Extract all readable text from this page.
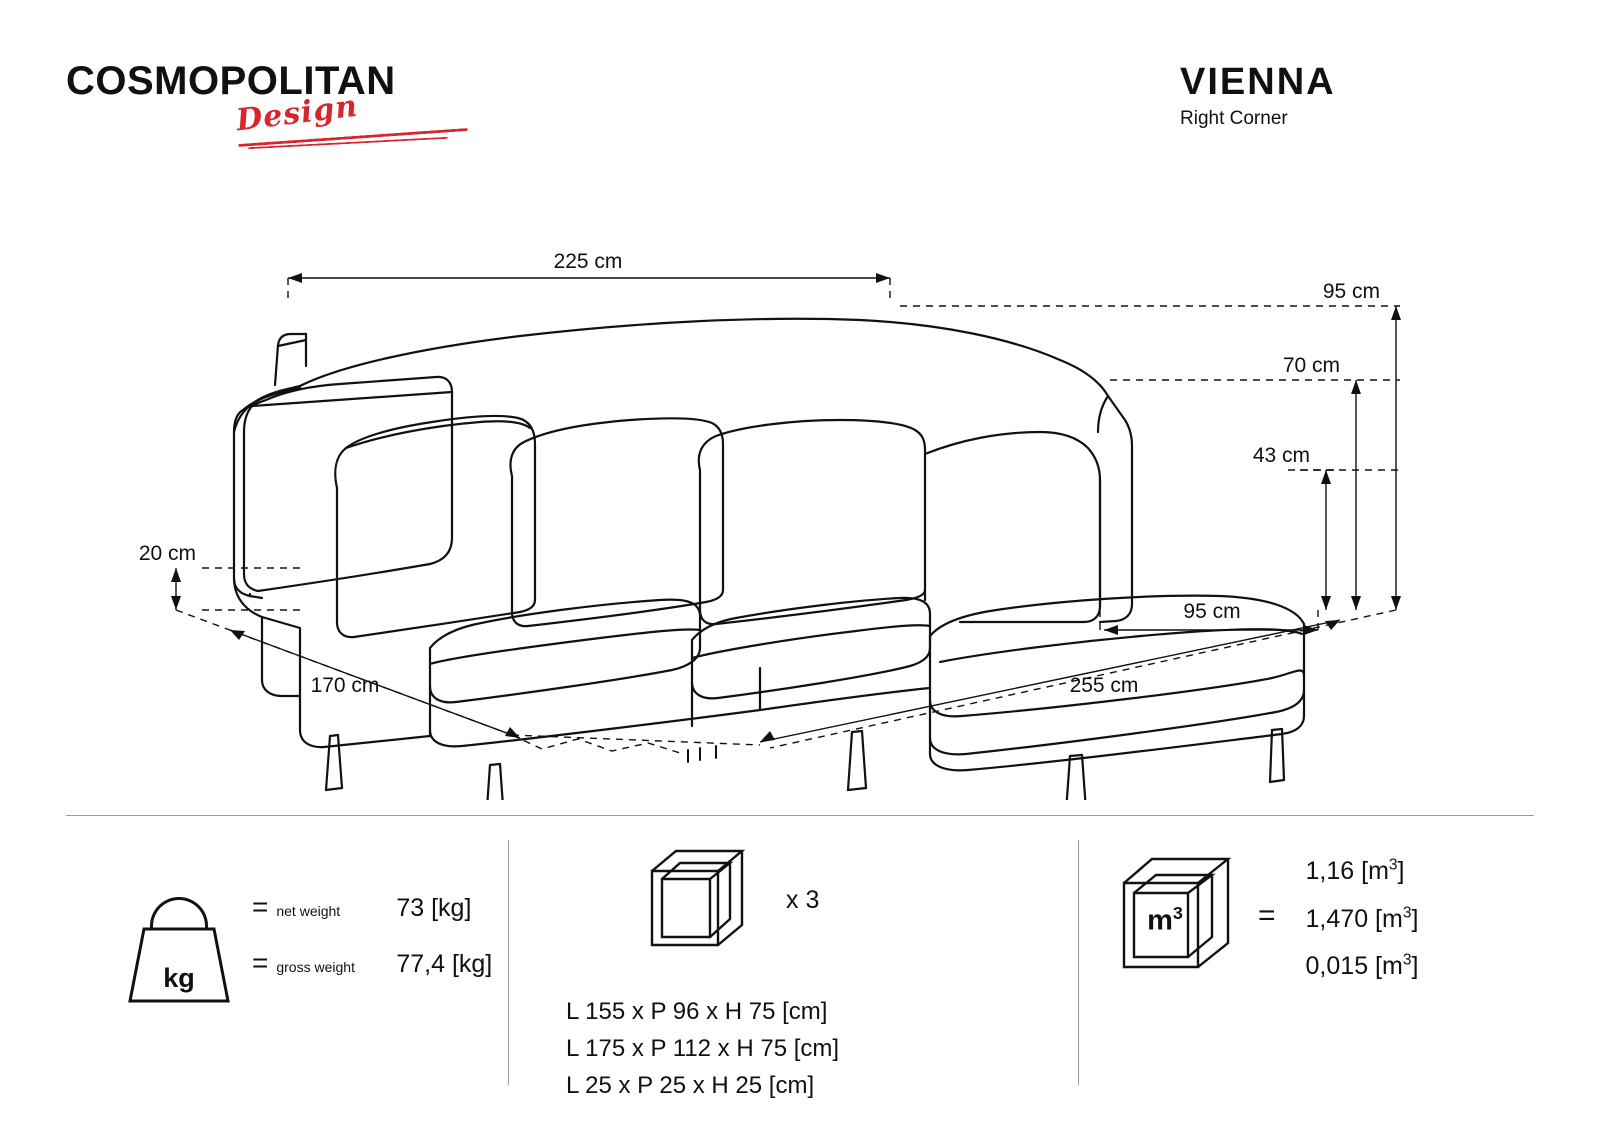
COSMOPOLITAN
Design
VIENNA
Right Corner
225 cm
95 cm
70 cm
43 cm
20 cm
95 cm
170 cm	255 cm
kg
= net weight	73 [kg]
= gross weight	77,4 [kg]
x 3
L 155 x P 96 x H 75 [cm]
L 175 x P 112 x H 75 [cm]
L 25 x P 25 x H 25 [cm]
$m^3$	=
1,16 $[m^3]$
1,470 $[m^3]$
0,015 $[m^3]$
